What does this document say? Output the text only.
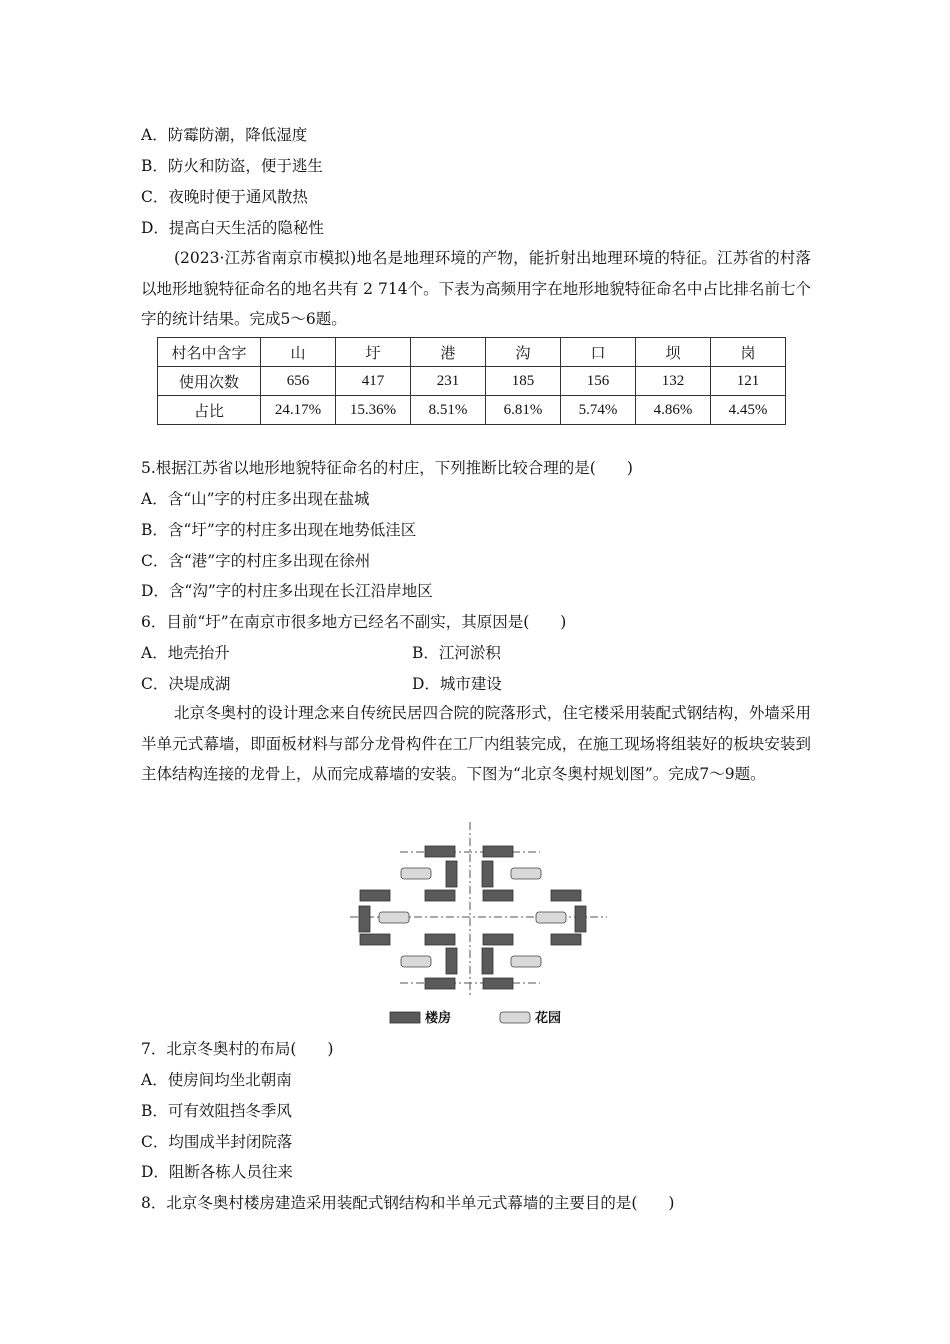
A．防霉防潮，降低湿度
B．防火和防盗，便于逃生
C．夜晚时便于通风散热
D．提高白天生活的隐秘性
(2023·江苏省南京市模拟)地名是地理环境的产物，能折射出地理环境的特征。江苏省的村落以地形地貌特征命名的地名共有 2 714个。下表为高频用字在地形地貌特征命名中占比排名前七个字的统计结果。完成5～6题。
村名中含字	山	圩	港	沟	口	坝	岗
使用次数	656	417	231	185	156	132	121
占比	24.17%	15.36%	8.51%	6.81%	5.74%	4.86%	4.45%
5.根据江苏省以地形地貌特征命名的村庄，下列推断比较合理的是(　　)
A．含“山”字的村庄多出现在盐城
B．含“圩”字的村庄多出现在地势低洼区
C．含“港”字的村庄多出现在徐州
D．含“沟”字的村庄多出现在长江沿岸地区
6．目前“圩”在南京市很多地方已经名不副实，其原因是(　　)
A．地壳抬升	B．江河淤积
C．决堤成湖	D．城市建设
北京冬奥村的设计理念来自传统民居四合院的院落形式，住宅楼采用装配式钢结构，外墙采用半单元式幕墙，即面板材料与部分龙骨构件在工厂内组装完成，在施工现场将组装好的板块安装到主体结构连接的龙骨上，从而完成幕墙的安装。下图为“北京冬奥村规划图”。完成7～9题。
楼房	花园
7．北京冬奥村的布局(　　)
A．使房间均坐北朝南
B．可有效阻挡冬季风
C．均围成半封闭院落
D．阻断各栋人员往来
8．北京冬奥村楼房建造采用装配式钢结构和半单元式幕墙的主要目的是(　　)
